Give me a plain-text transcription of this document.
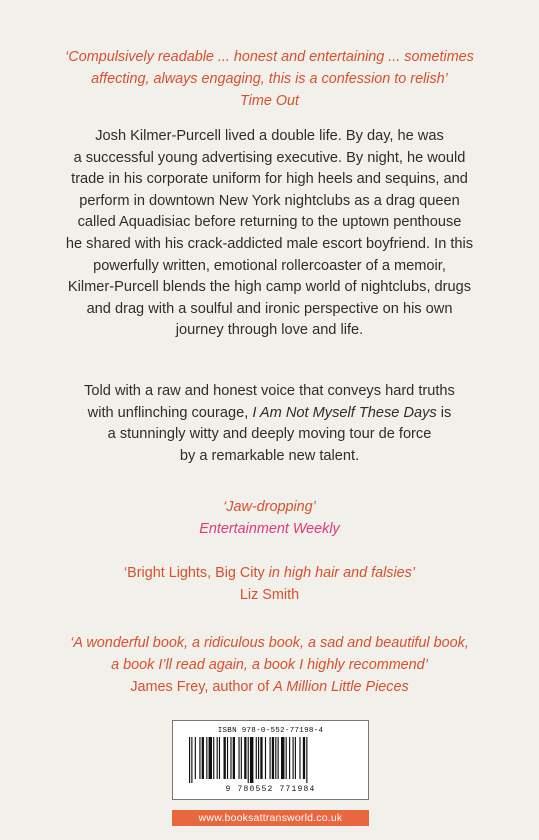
‘Compulsively readable ... honest and entertaining ... sometimes
affecting, always engaging, this is a confession to relish’
Time Out
Josh Kilmer-Purcell lived a double life. By day, he was
a successful young advertising executive. By night, he would
trade in his corporate uniform for high heels and sequins, and
perform in downtown New York nightclubs as a drag queen
called Aquadisiac before returning to the uptown penthouse
he shared with his crack-addicted male escort boyfriend. In this
powerfully written, emotional rollercoaster of a memoir,
Kilmer-Purcell blends the high camp world of nightclubs, drugs
and drag with a soulful and ironic perspective on his own
journey through love and life.
Told with a raw and honest voice that conveys hard truths
with unflinching courage, I Am Not Myself These Days is
a stunningly witty and deeply moving tour de force
by a remarkable new talent.
‘Jaw-dropping’
Entertainment Weekly
‘Bright Lights, Big City in high hair and falsies’
Liz Smith
‘A wonderful book, a ridiculous book, a sad and beautiful book,
a book I’ll read again, a book I highly recommend’
James Frey, author of A Million Little Pieces
ISBN 978-0-552-77198-4
9 780552 771984
www.booksattransworld.co.uk
